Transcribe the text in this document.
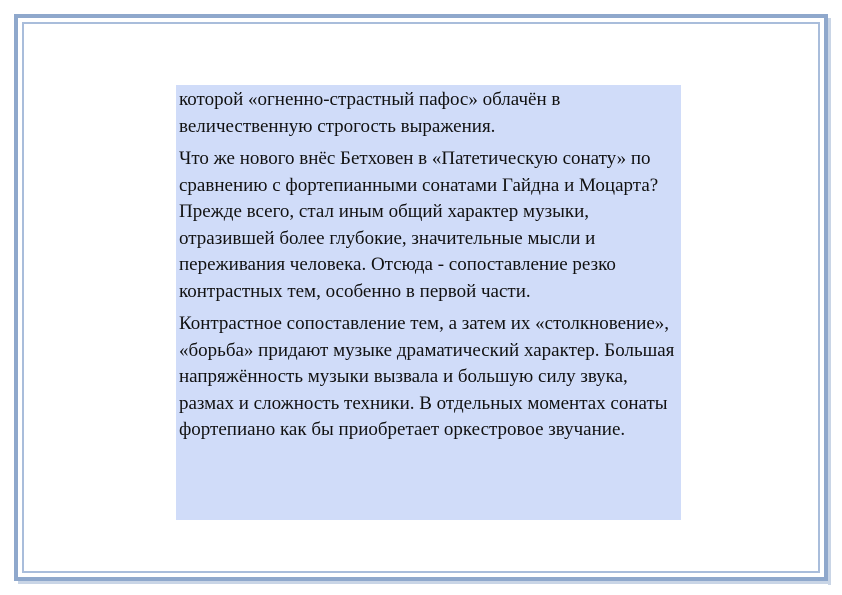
которой «огненно-страстный пафос» облачён в величественную строгость выражения.

Что же нового внёс Бетховен в «Патетическую сонату» по сравнению с фортепианными сонатами Гайдна и Моцарта? Прежде всего, стал иным общий характер музыки, отразившей более глубокие, значительные мысли и переживания человека. Отсюда - сопоставление резко контрастных тем, особенно в первой части.

Контрастное сопоставление тем, а затем их «столкновение», «борьба» придают музыке драматический характер. Большая напряжённость музыки вызвала и большую силу звука, размах и сложность техники. В отдельных моментах сонаты фортепиано как бы приобретает оркестровое звучание.
